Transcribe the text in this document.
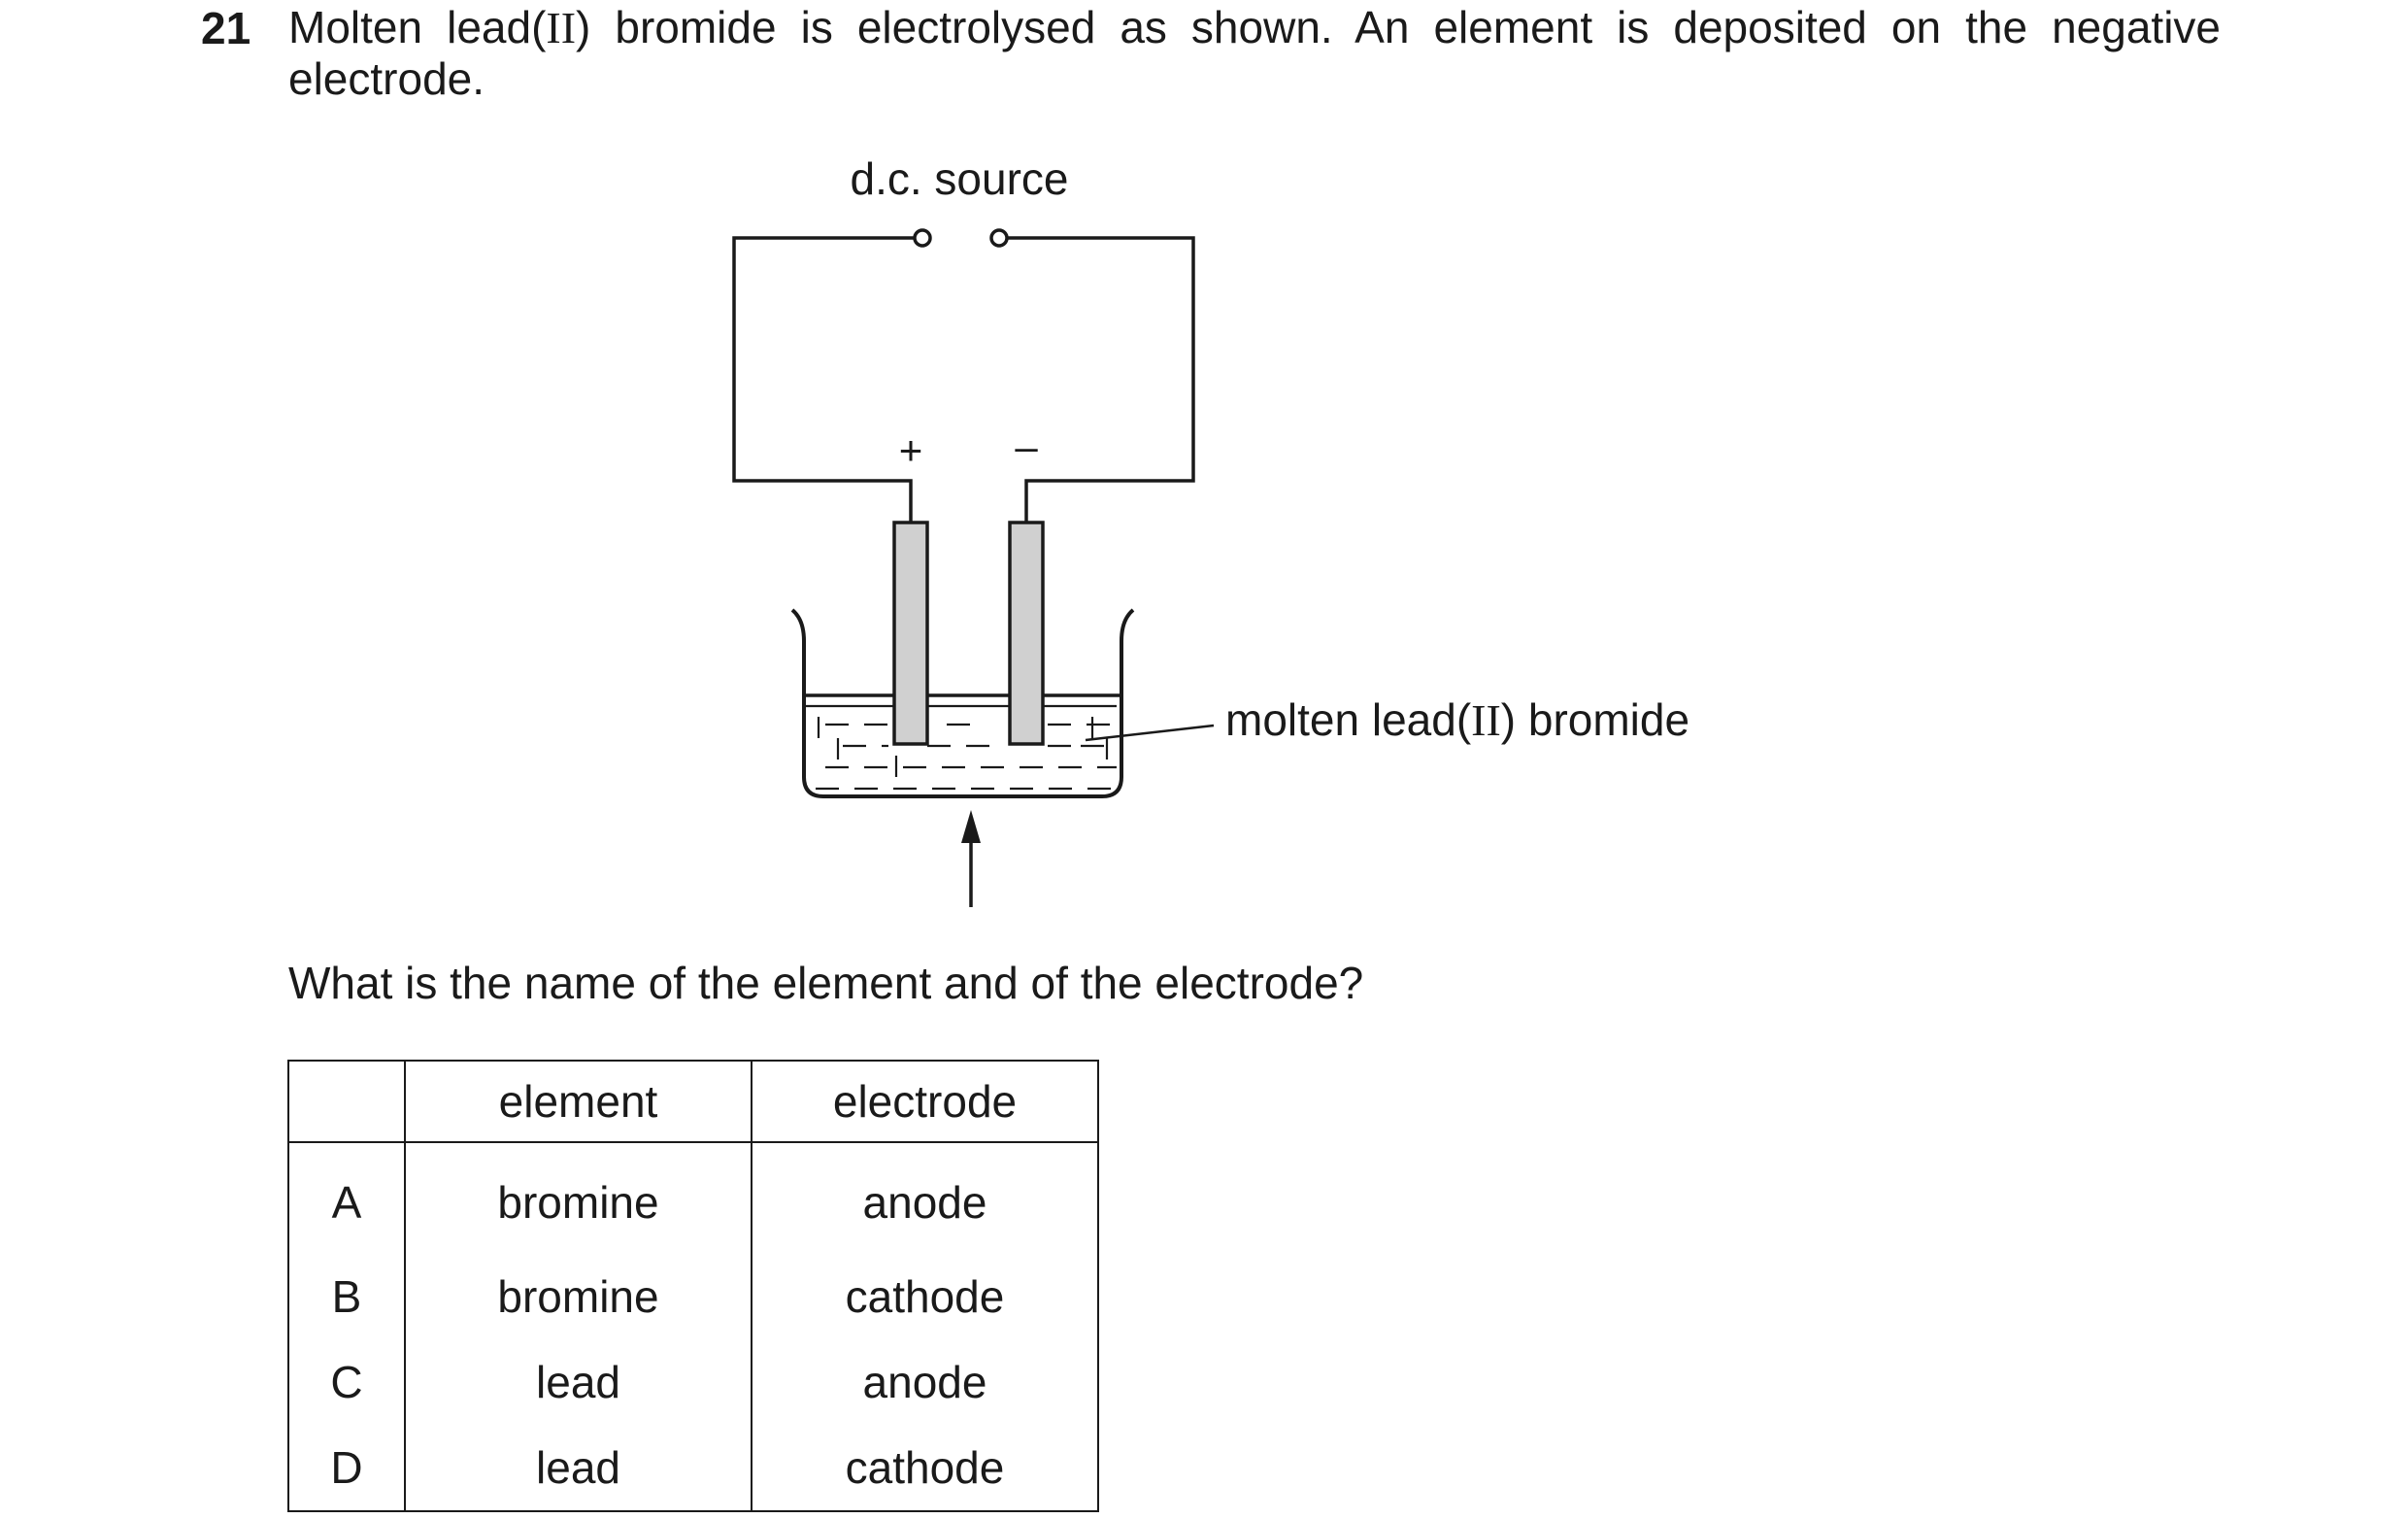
21 Molten lead(II) bromide is electrolysed as shown. An element is deposited on the negative electrode.
d.c. source
+ –
molten lead(II) bromide
What is the name of the element and of the electrode?
	element	electrode
A	bromine	anode
B	bromine	cathode
C	lead	anode
D	lead	cathode
